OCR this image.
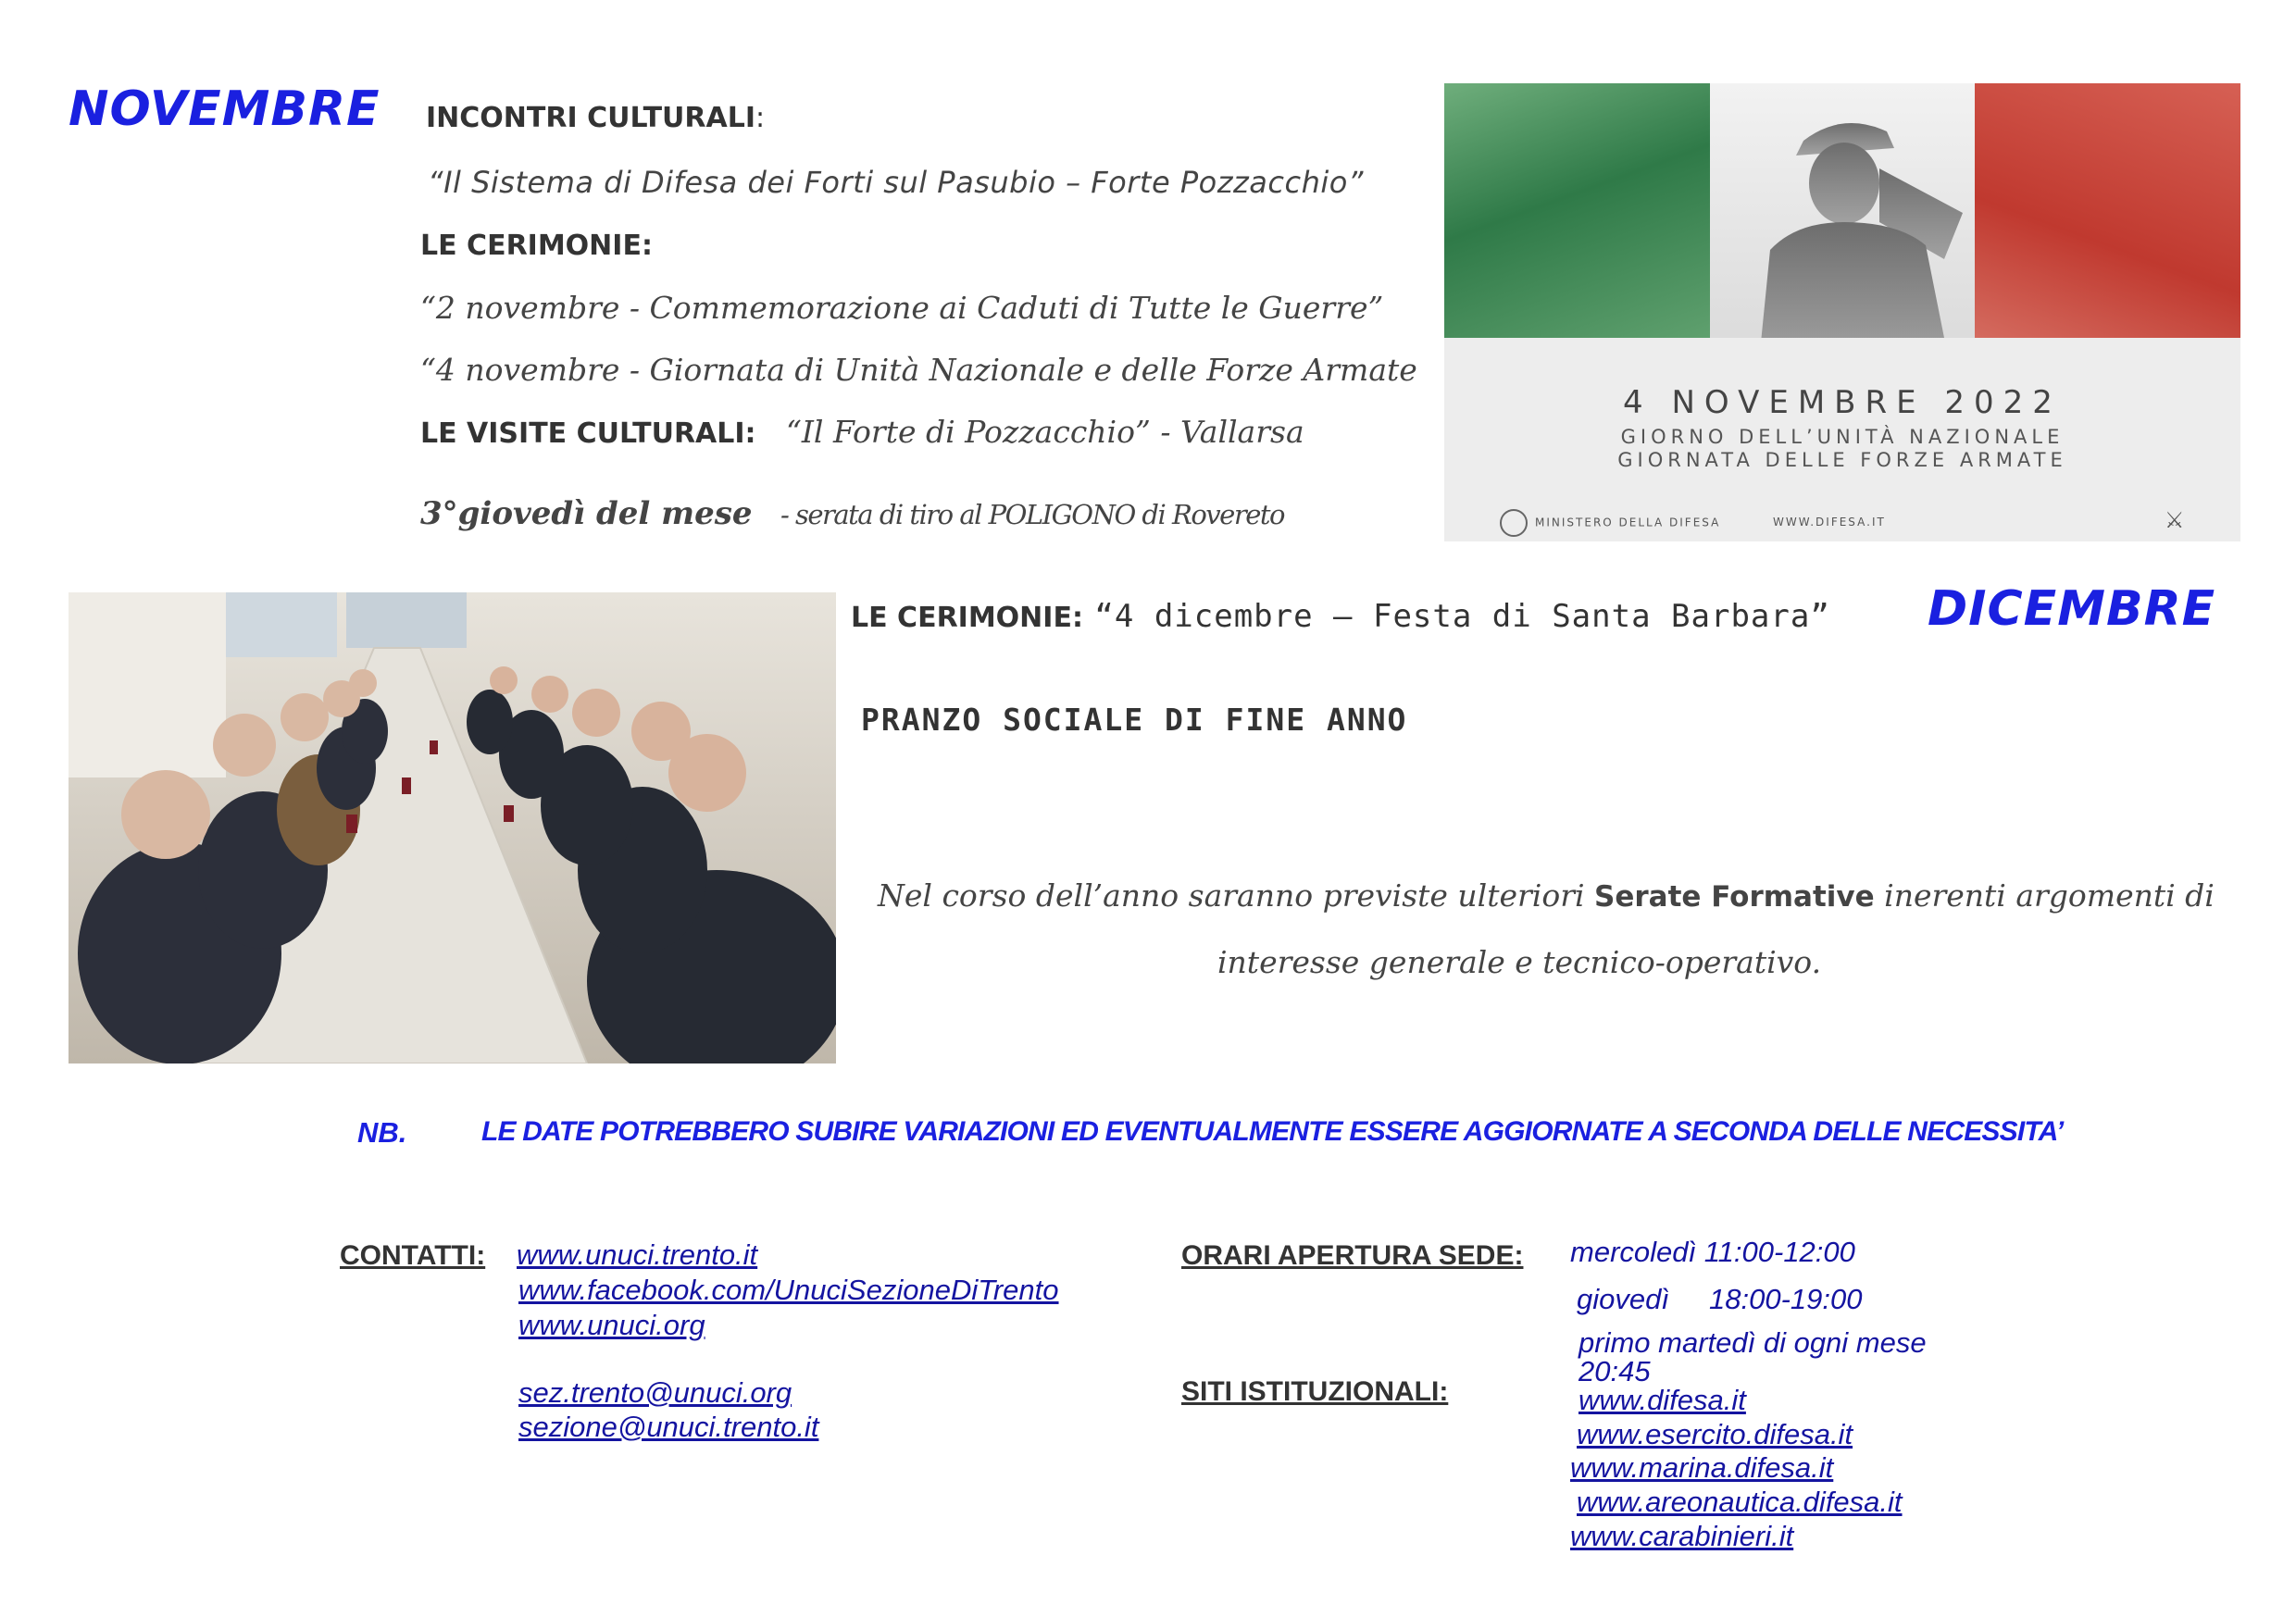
NOVEMBRE INCONTRI CULTURALI:
“Il Sistema di Difesa dei Forti sul Pasubio – Forte Pozzacchio”
LE CERIMONIE:
“2 novembre - Commemorazione ai Caduti di Tutte le Guerre”
“4 novembre - Giornata di Unità Nazionale e delle Forze Armate
LE VISITE CULTURALI: “Il Forte di Pozzacchio” - Vallarsa
3°giovedì del mese - serata di tiro al POLIGONO di Rovereto
4 NOVEMBRE 2022
GIORNO DELL’UNITÀ NAZIONALE
GIORNATA DELLE FORZE ARMATE
MINISTERO DELLA DIFESA	WWW.DIFESA.IT	⚔
LE CERIMONIE: “4 dicembre – Festa di Santa Barbara” DICEMBRE
PRANZO SOCIALE DI FINE ANNO
Nel corso dell’anno saranno previste ulteriori Serate Formative inerenti argomenti di
interesse generale e tecnico-operativo.
NB.	LE DATE POTREBBERO SUBIRE VARIAZIONI ED EVENTUALMENTE ESSERE AGGIORNATE A SECONDA DELLE NECESSITA’
CONTATTI: www.unuci.trento.it
www.facebook.com/UnuciSezioneDiTrento
www.unuci.org
sez.trento@unuci.org
sezione@unuci.trento.it
ORARI APERTURA SEDE: mercoledì 11:00-12:00
giovedì     18:00-19:00
primo martedì di ogni mese
20:45
SITI ISTITUZIONALI:	www.difesa.it
www.esercito.difesa.it
www.marina.difesa.it
www.areonautica.difesa.it
www.carabinieri.it
